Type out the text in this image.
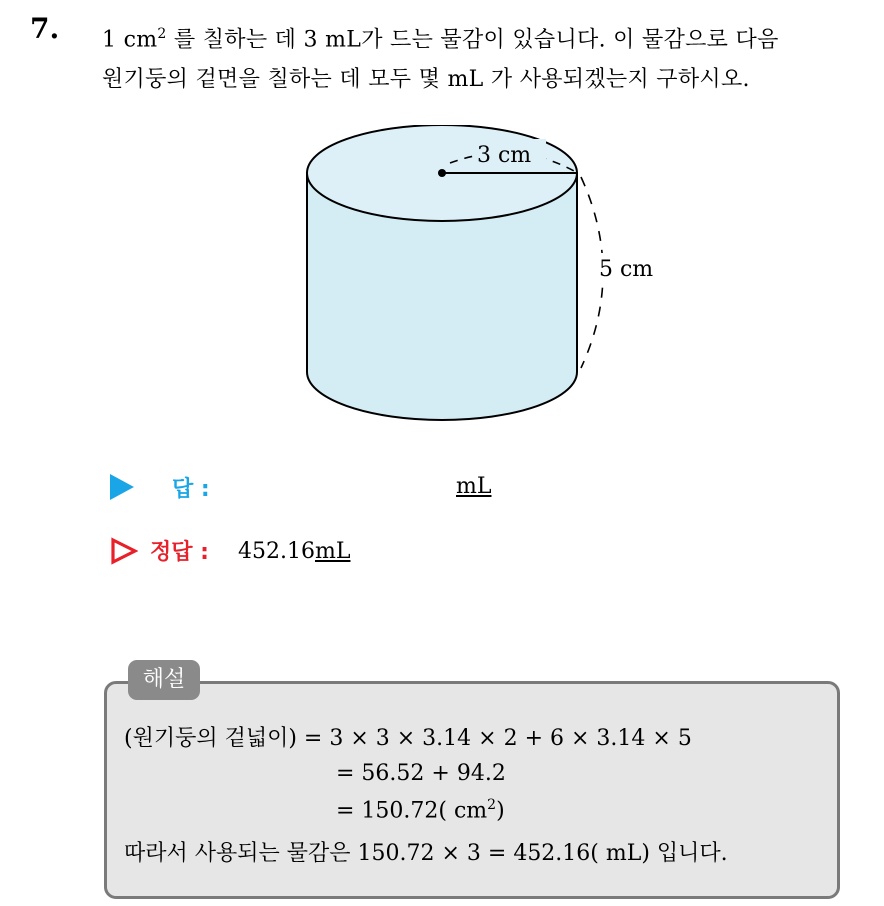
7. 1 $cm^2$ 를 칠하는 데 3 mL가 드는 물감이 있습니다. 이 물감으로 다음
원기둥의 겉면을 칠하는 데 모두 몇 mL 가 사용되겠는지 구하시오.
3 cm
5 cm
답 :	mL
정답 : 452.16mL
해설
(원기둥의 겉넓이) = 3 × 3 × 3.14 × 2 + 6 × 3.14 × 5
= 56.52 + 94.2
= 150.72( $cm^2$)
따라서 사용되는 물감은 150.72 × 3 = 452.16( mL) 입니다.
